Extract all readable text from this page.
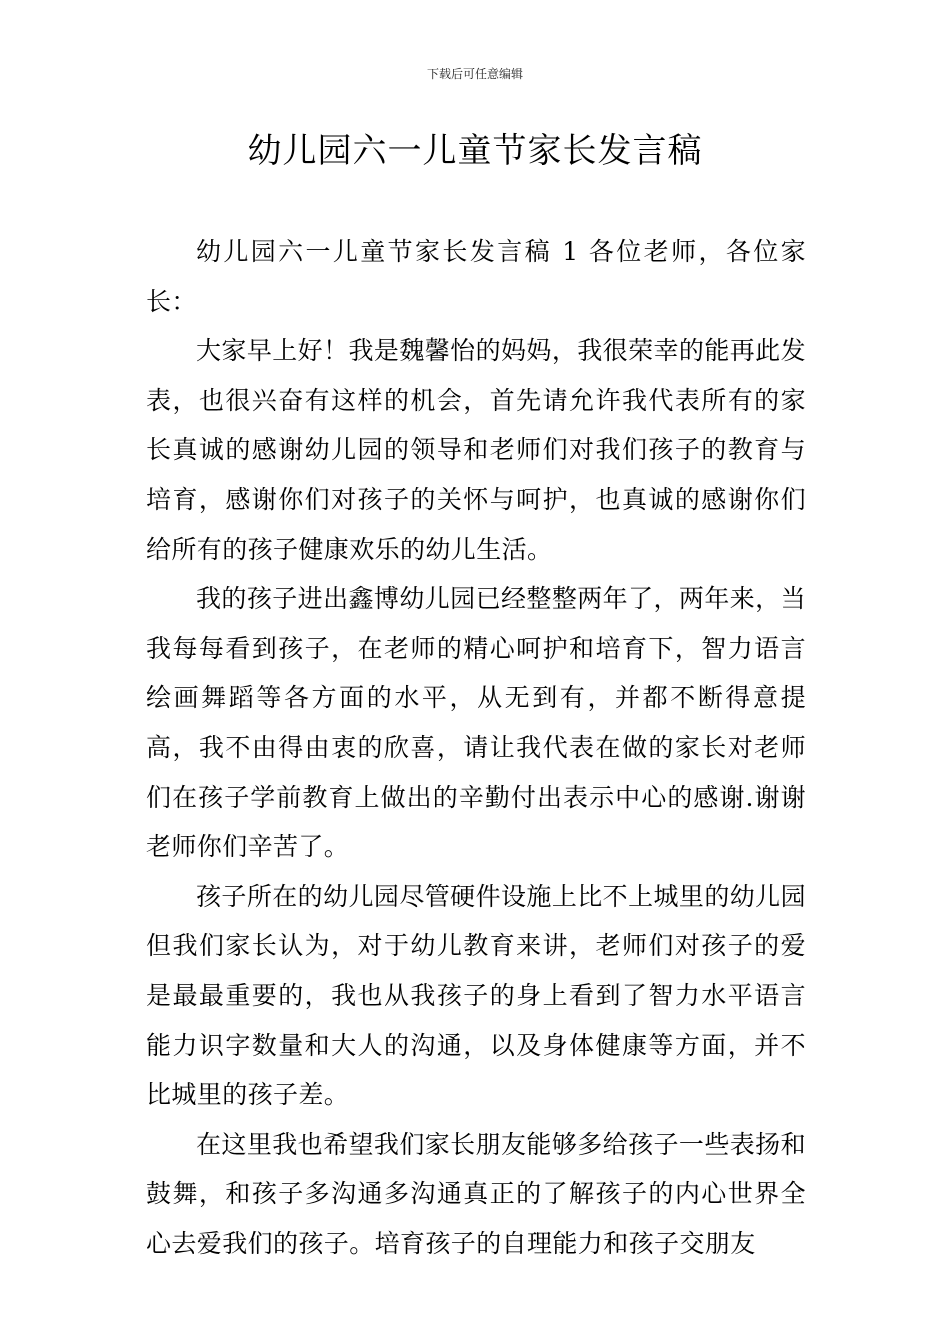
下载后可任意编辑
幼儿园六一儿童节家长发言稿

幼儿园六一儿童节家长发言稿 1 各位老师，各位家长：

大家早上好！我是魏馨怡的妈妈，我很荣幸的能再此发表，也很兴奋有这样的机会，首先请允许我代表所有的家长真诚的感谢幼儿园的领导和老师们对我们孩子的教育与培育，感谢你们对孩子的关怀与呵护，也真诚的感谢你们给所有的孩子健康欢乐的幼儿生活。

我的孩子进出鑫博幼儿园已经整整两年了，两年来，当我每每看到孩子，在老师的精心呵护和培育下，智力语言绘画舞蹈等各方面的水平，从无到有，并都不断得意提高，我不由得由衷的欣喜，请让我代表在做的家长对老师们在孩子学前教育上做出的辛勤付出表示中心的感谢.谢谢老师你们辛苦了。

孩子所在的幼儿园尽管硬件设施上比不上城里的幼儿园但我们家长认为，对于幼儿教育来讲，老师们对孩子的爱是最最重要的，我也从我孩子的身上看到了智力水平语言能力识字数量和大人的沟通，以及身体健康等方面，并不比城里的孩子差。

在这里我也希望我们家长朋友能够多给孩子一些表扬和鼓舞，和孩子多沟通多沟通真正的了解孩子的内心世界全心去爱我们的孩子。培育孩子的自理能力和孩子交朋友
